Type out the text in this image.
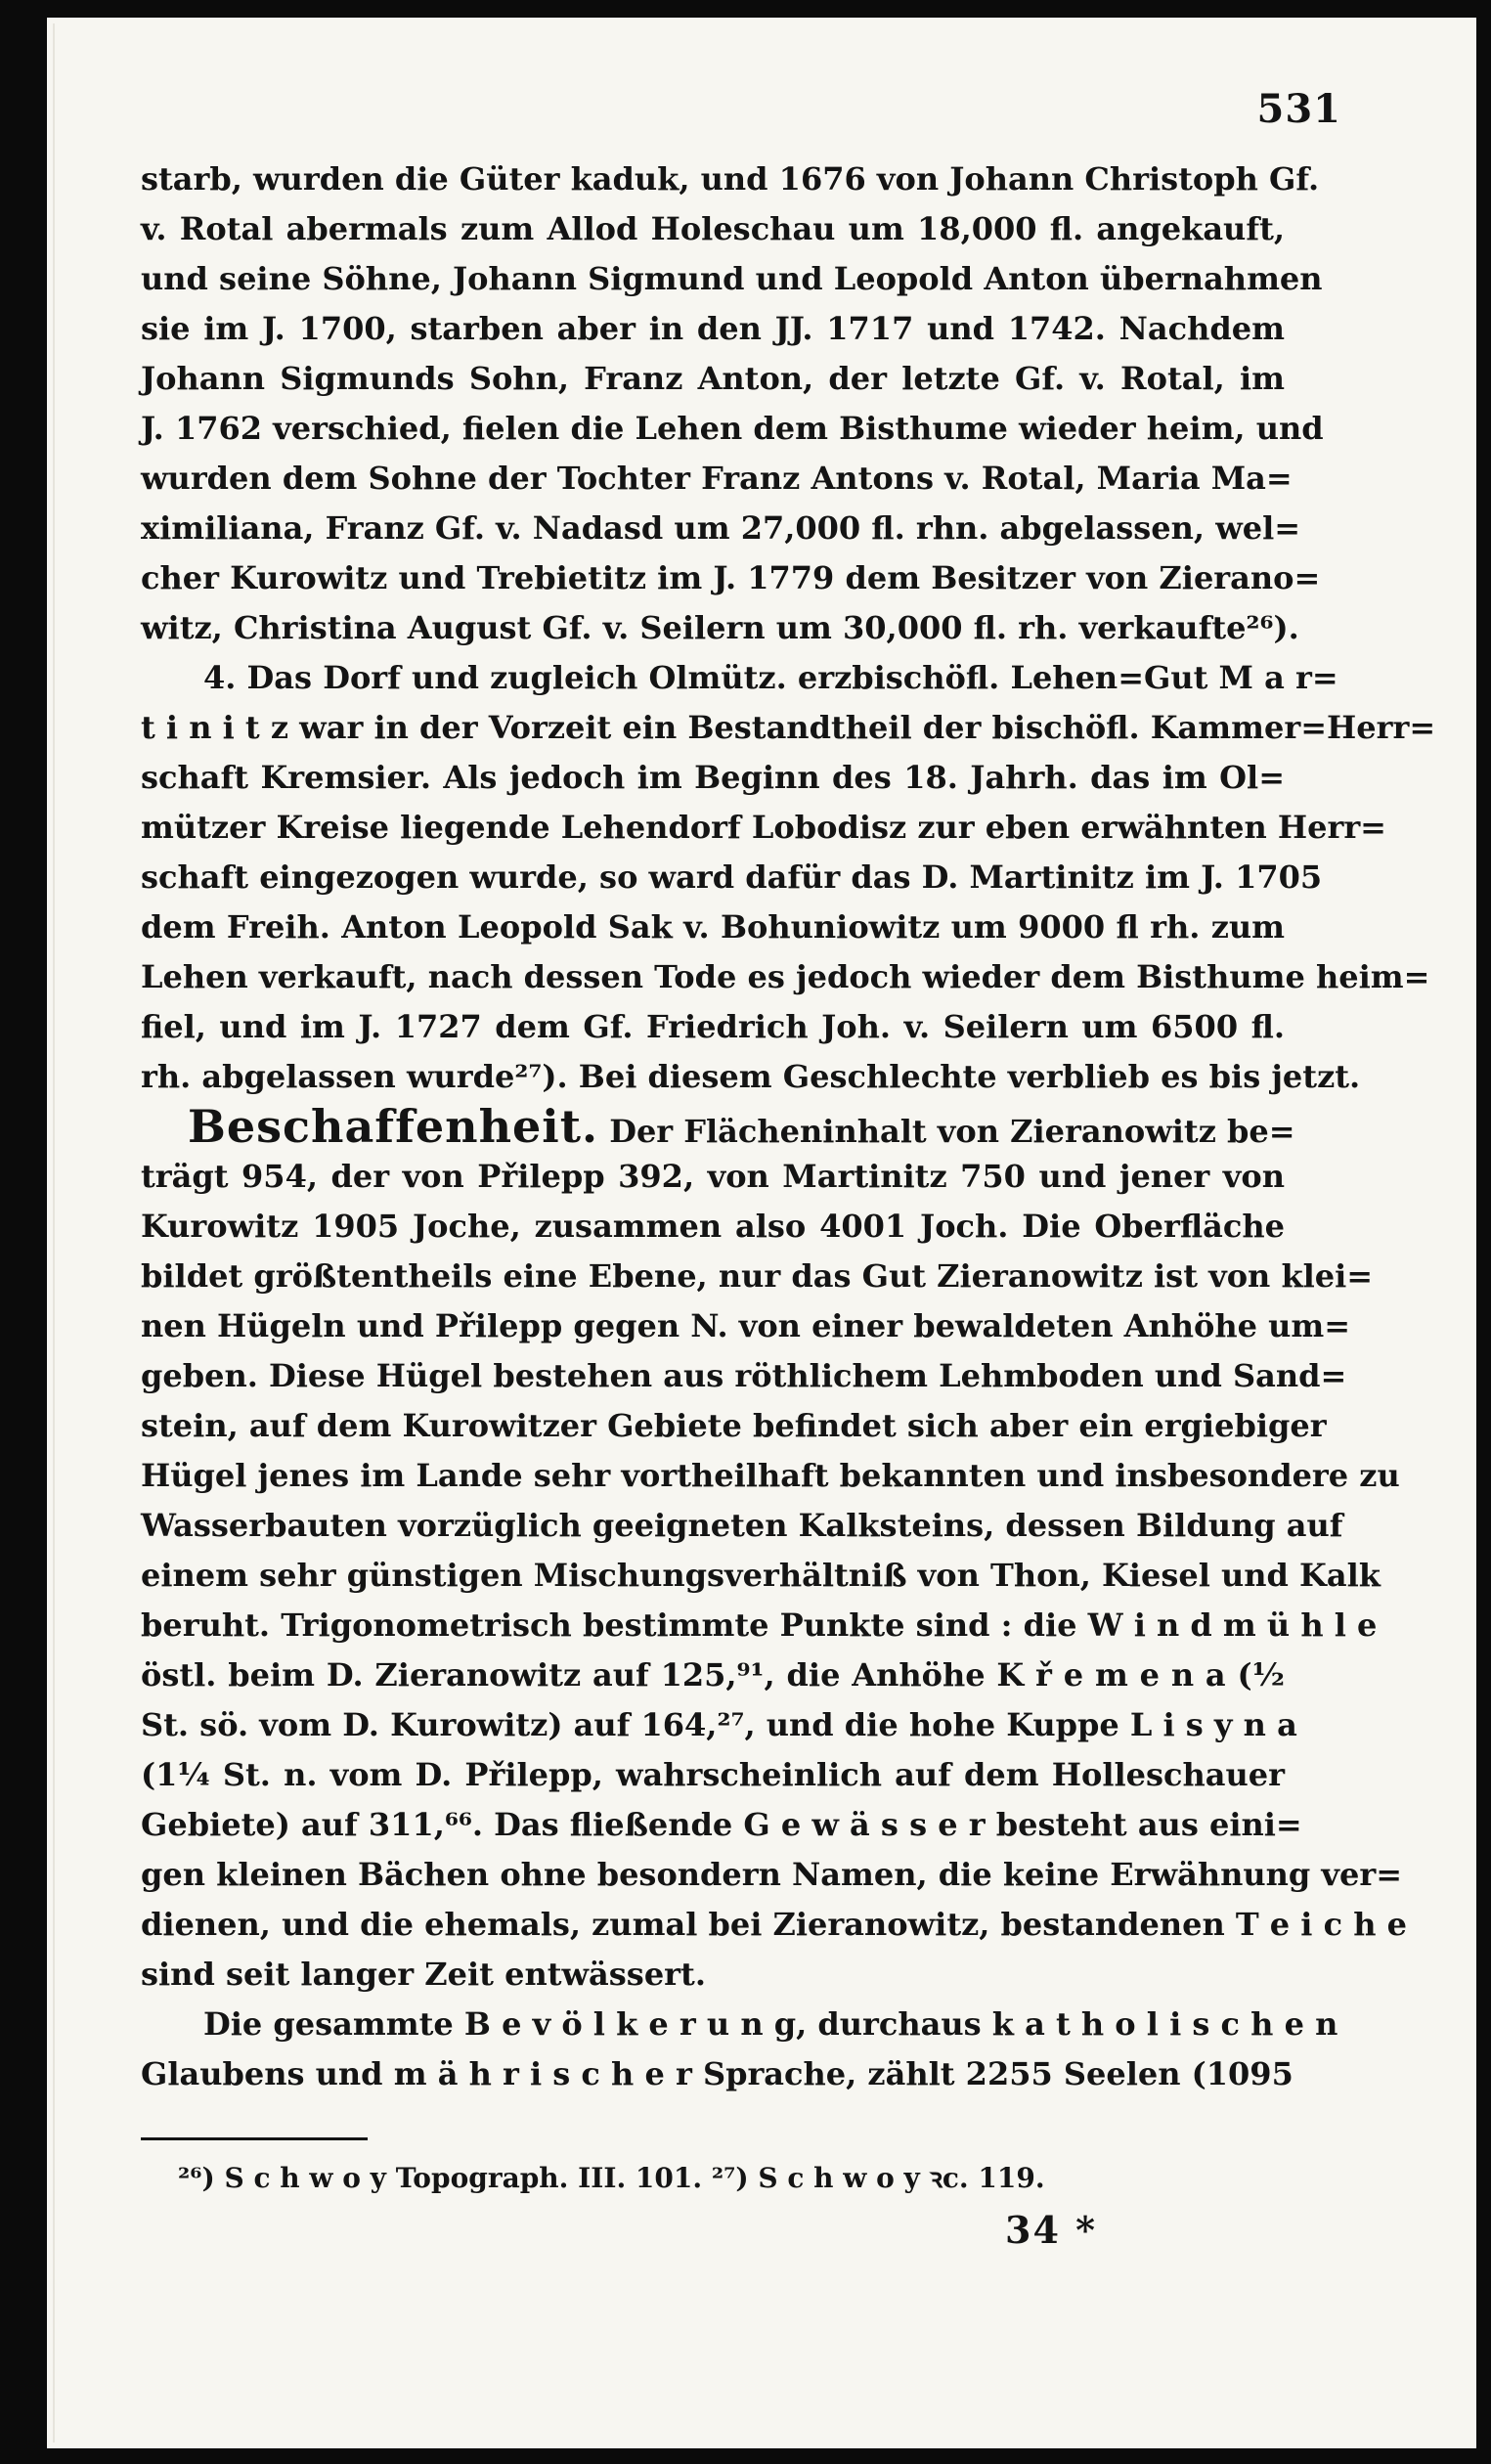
531
starb, wurden die Güter kaduk, und 1676 von Johann Christoph Gf.
v. Rotal abermals zum Allod Holeschau um 18,000 fl. angekauft,
und seine Söhne, Johann Sigmund und Leopold Anton übernahmen
sie im J. 1700, starben aber in den JJ. 1717 und 1742. Nachdem
Johann Sigmunds Sohn, Franz Anton, der letzte Gf. v. Rotal, im
J. 1762 verschied, fielen die Lehen dem Bisthume wieder heim, und
wurden dem Sohne der Tochter Franz Antons v. Rotal, Maria Ma=
ximiliana, Franz Gf. v. Nadasd um 27,000 fl. rhn. abgelassen, wel=
cher Kurowitz und Trebietitz im J. 1779 dem Besitzer von Zierano=
witz, Christina August Gf. v. Seilern um 30,000 fl. rh. verkaufte²⁶).
4. Das Dorf und zugleich Olmütz. erzbischöfl. Lehen=Gut M a r=
t i n i t z war in der Vorzeit ein Bestandtheil der bischöfl. Kammer=Herr=
schaft Kremsier. Als jedoch im Beginn des 18. Jahrh. das im Ol=
mützer Kreise liegende Lehendorf Lobodisz zur eben erwähnten Herr=
schaft eingezogen wurde, so ward dafür das D. Martinitz im J. 1705
dem Freih. Anton Leopold Sak v. Bohuniowitz um 9000 fl rh. zum
Lehen verkauft, nach dessen Tode es jedoch wieder dem Bisthume heim=
fiel, und im J. 1727 dem Gf. Friedrich Joh. v. Seilern um 6500 fl.
rh. abgelassen wurde²⁷). Bei diesem Geschlechte verblieb es bis jetzt.
Beschaffenheit. Der Flächeninhalt von Zieranowitz be=
trägt 954, der von Přilepp 392, von Martinitz 750 und jener von
Kurowitz 1905 Joche, zusammen also 4001 Joch. Die Oberfläche
bildet größtentheils eine Ebene, nur das Gut Zieranowitz ist von klei=
nen Hügeln und Přilepp gegen N. von einer bewaldeten Anhöhe um=
geben. Diese Hügel bestehen aus röthlichem Lehmboden und Sand=
stein, auf dem Kurowitzer Gebiete befindet sich aber ein ergiebiger
Hügel jenes im Lande sehr vortheilhaft bekannten und insbesondere zu
Wasserbauten vorzüglich geeigneten Kalksteins, dessen Bildung auf
einem sehr günstigen Mischungsverhältniß von Thon, Kiesel und Kalk
beruht. Trigonometrisch bestimmte Punkte sind : die W i n d m ü h l e
östl. beim D. Zieranowitz auf 125,⁹¹, die Anhöhe K ř e m e n a (½
St. sö. vom D. Kurowitz) auf 164,²⁷, und die hohe Kuppe L i s y n a
(1¼ St. n. vom D. Přilepp, wahrscheinlich auf dem Holleschauer
Gebiete) auf 311,⁶⁶. Das fließende G e w ä s s e r besteht aus eini=
gen kleinen Bächen ohne besondern Namen, die keine Erwähnung ver=
dienen, und die ehemals, zumal bei Zieranowitz, bestandenen T e i c h e
sind seit langer Zeit entwässert.
Die gesammte B e v ö l k e r u n g, durchaus k a t h o l i s c h e n
Glaubens und m ä h r i s c h e r Sprache, zählt 2255 Seelen (1095
²⁶) S c h w o y Topograph. III. 101. ²⁷) S c h w o y ꝛc. 119.
34 *
